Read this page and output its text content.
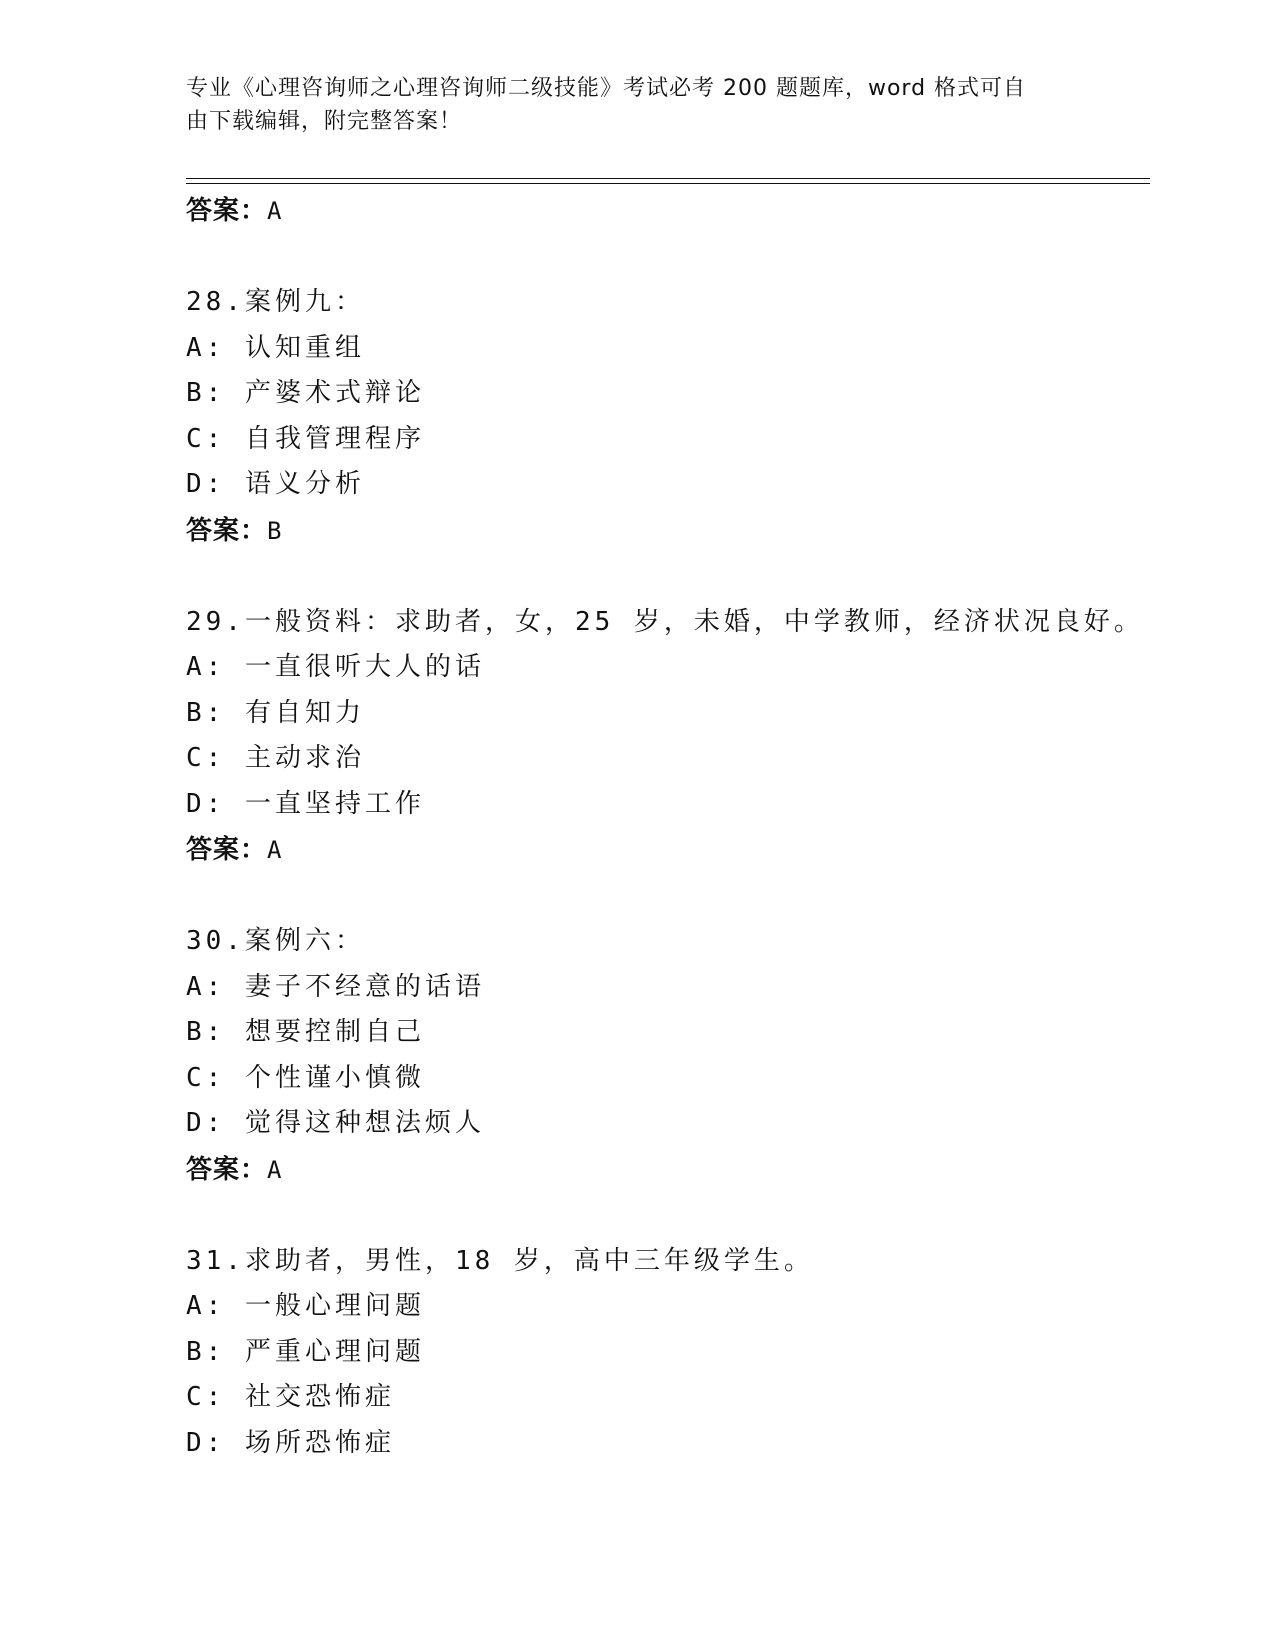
专业《心理咨询师之心理咨询师二级技能》考试必考 200 题题库，word 格式可自
由下载编辑，附完整答案！
答案：A
28.案例九：
A: 认知重组
B: 产婆术式辩论
C: 自我管理程序
D: 语义分析
答案：B
29.一般资料：求助者，女，25 岁，未婚，中学教师，经济状况良好。
A: 一直很听大人的话
B: 有自知力
C: 主动求治
D: 一直坚持工作
答案：A
30.案例六：
A: 妻子不经意的话语
B: 想要控制自己
C: 个性谨小慎微
D: 觉得这种想法烦人
答案：A
31.求助者，男性，18 岁，高中三年级学生。
A: 一般心理问题
B: 严重心理问题
C: 社交恐怖症
D: 场所恐怖症
